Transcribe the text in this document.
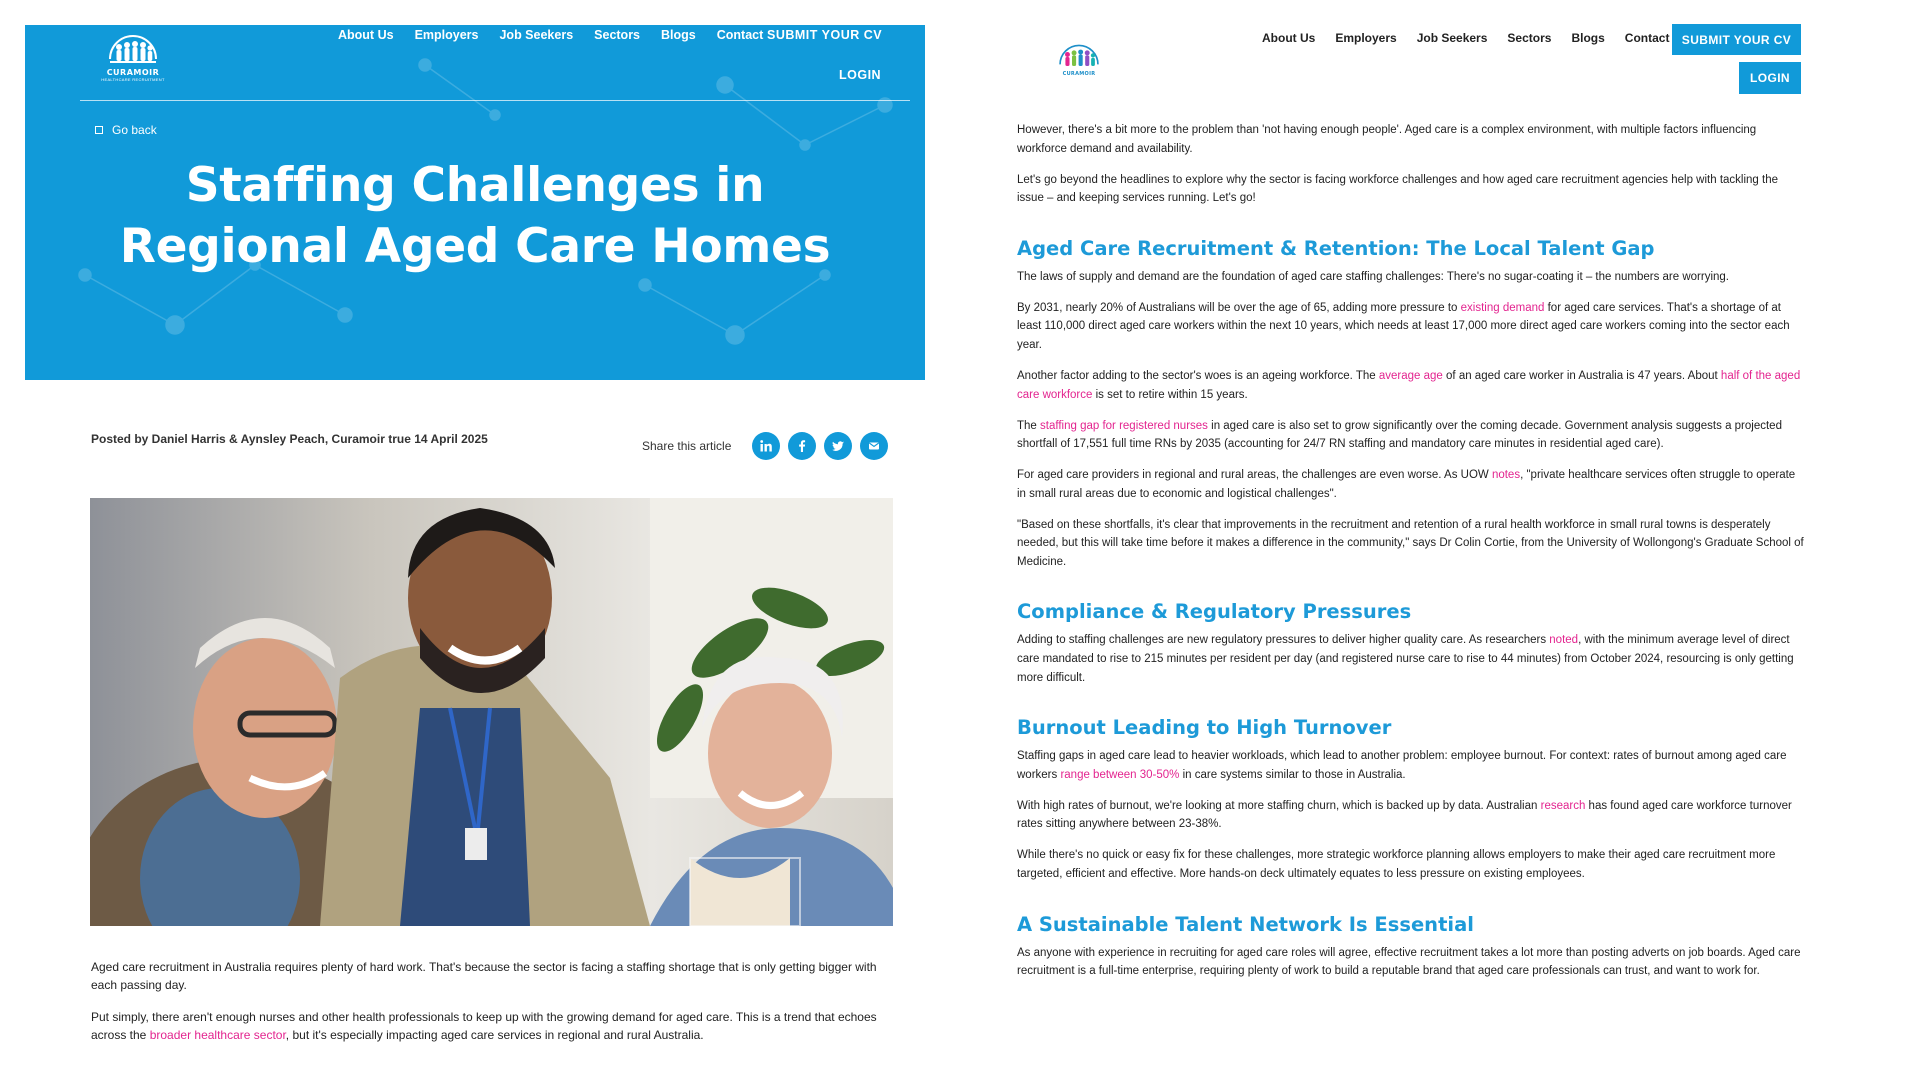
CURAMOIR
HEALTHCARE RECRUITMENT
About Us Employers Job Seekers Sectors Blogs Contact SUBMIT YOUR CV
LOGIN
Go back
Staffing Challenges in Regional Aged Care Homes
Posted by Daniel Harris & Aynsley Peach, Curamoir true 14 April 2025	Share this article

Aged care recruitment in Australia requires plenty of hard work. That's because the sector is facing a staffing shortage that is only getting bigger with each passing day.

Put simply, there aren't enough nurses and other health professionals to keep up with the growing demand for aged care. This is a trend that echoes across the broader healthcare sector, but it's especially impacting aged care services in regional and rural Australia.

However, there's a bit more to the problem than 'not having enough people'. Aged care is a complex environment, with multiple factors influencing workforce demand and availability.

Let's go beyond the headlines to explore why the sector is facing workforce challenges and how aged care recruitment agencies help with tackling the issue – and keeping services running. Let's go!

Aged Care Recruitment & Retention: The Local Talent Gap

The laws of supply and demand are the foundation of aged care staffing challenges: There's no sugar-coating it – the numbers are worrying.

By 2031, nearly 20% of Australians will be over the age of 65, adding more pressure to existing demand for aged care services. That's a shortage of at least 110,000 direct aged care workers within the next 10 years, which needs at least 17,000 more direct aged care workers coming into the sector each year.

Another factor adding to the sector's woes is an ageing workforce. The average age of an aged care worker in Australia is 47 years. About half of the aged care workforce is set to retire within 15 years.

The staffing gap for registered nurses in aged care is also set to grow significantly over the coming decade. Government analysis suggests a projected shortfall of 17,551 full time RNs by 2035 (accounting for 24/7 RN staffing and mandatory care minutes in residential aged care).

For aged care providers in regional and rural areas, the challenges are even worse. As UOW notes, "private healthcare services often struggle to operate in small rural areas due to economic and logistical challenges".

"Based on these shortfalls, it's clear that improvements in the recruitment and retention of a rural health workforce in small rural towns is desperately needed, but this will take time before it makes a difference in the community," says Dr Colin Cortie, from the University of Wollongong's Graduate School of Medicine.

Compliance & Regulatory Pressures

Adding to staffing challenges are new regulatory pressures to deliver higher quality care. As researchers noted, with the minimum average level of direct care mandated to rise to 215 minutes per resident per day (and registered nurse care to rise to 44 minutes) from October 2024, resourcing is only getting more difficult.

Burnout Leading to High Turnover

Staffing gaps in aged care lead to heavier workloads, which lead to another problem: employee burnout. For context: rates of burnout among aged care workers range between 30-50% in care systems similar to those in Australia.

With high rates of burnout, we're looking at more staffing churn, which is backed up by data. Australian research has found aged care workforce turnover rates sitting anywhere between 23-38%.

While there's no quick or easy fix for these challenges, more strategic workforce planning allows employers to make their aged care recruitment more targeted, efficient and effective. More hands-on deck ultimately equates to less pressure on existing employees.

A Sustainable Talent Network Is Essential

As anyone with experience in recruiting for aged care roles will agree, effective recruitment takes a lot more than posting adverts on job boards. Aged care recruitment is a full-time enterprise, requiring plenty of work to build a reputable brand that aged care professionals can trust, and want to work for.

CURAMOIR
About Us Employers Job Seekers Sectors Blogs Contact	SUBMIT YOUR CV
LOGIN
